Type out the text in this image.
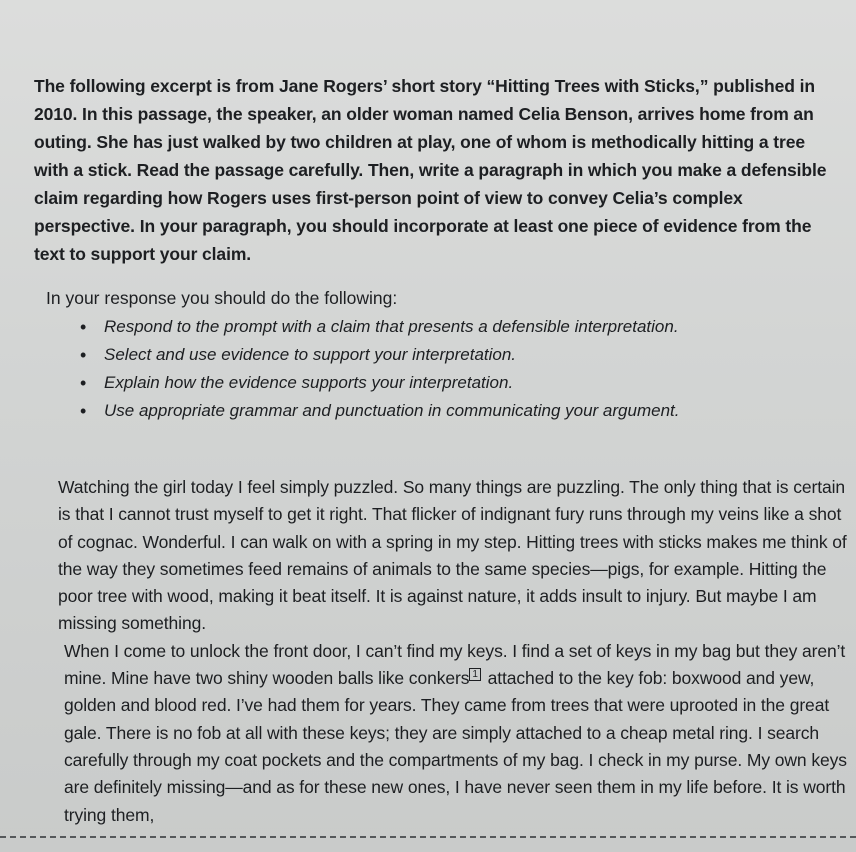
The following excerpt is from Jane Rogers’ short story “Hitting Trees with Sticks,” published in 2010. In this passage, the speaker, an older woman named Celia Benson, arrives home from an outing. She has just walked by two children at play, one of whom is methodically hitting a tree with a stick. Read the passage carefully. Then, write a paragraph in which you make a defensible claim regarding how Rogers uses first-person point of view to convey Celia’s complex perspective. In your paragraph, you should incorporate at least one piece of evidence from the text to support your claim.

In your response you should do the following:

• Respond to the prompt with a claim that presents a defensible interpretation.
• Select and use evidence to support your interpretation.
• Explain how the evidence supports your interpretation.
• Use appropriate grammar and punctuation in communicating your argument.

Watching the girl today I feel simply puzzled. So many things are puzzling. The only thing that is certain is that I cannot trust myself to get it right. That flicker of indignant fury runs through my veins like a shot of cognac. Wonderful. I can walk on with a spring in my step. Hitting trees with sticks makes me think of the way they sometimes feed remains of animals to the same species—pigs, for example. Hitting the poor tree with wood, making it beat itself. It is against nature, it adds insult to injury. But maybe I am missing something.

When I come to unlock the front door, I can’t find my keys. I find a set of keys in my bag but they aren’t mine. Mine have two shiny wooden balls like conkers 1 attached to the key fob: boxwood and yew, golden and blood red. I’ve had them for years. They came from trees that were uprooted in the great gale. There is no fob at all with these keys; they are simply attached to a cheap metal ring. I search carefully through my coat pockets and the compartments of my bag. I check in my purse. My own keys are definitely missing—and as for these new ones, I have never seen them in my life before. It is worth trying them,
